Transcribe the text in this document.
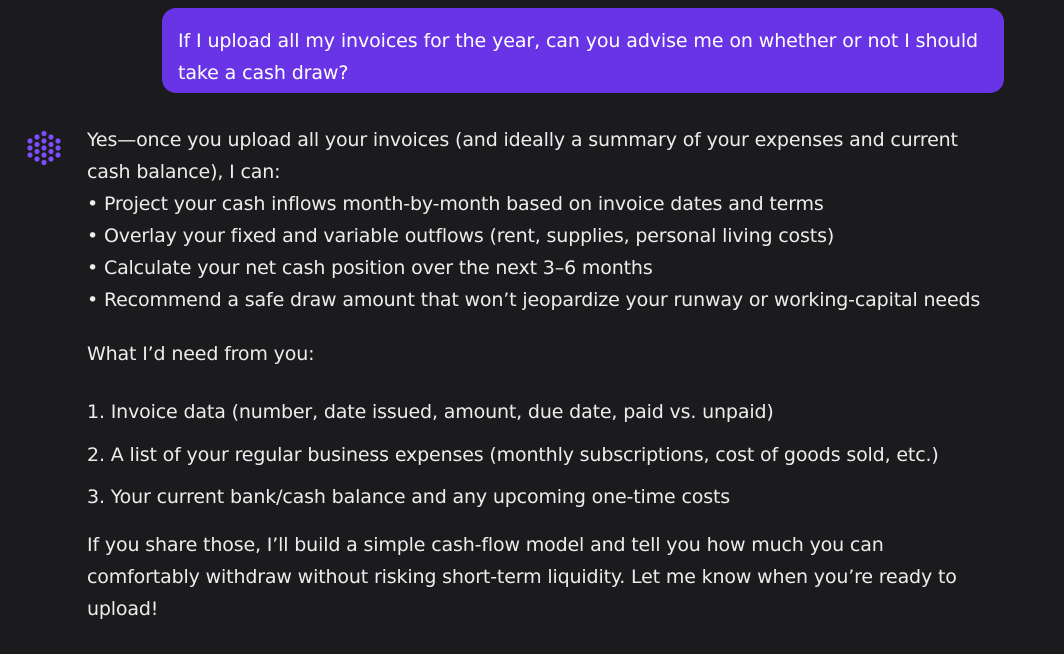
If I upload all my invoices for the year, can you advise me on whether or not I should
take a cash draw?

Yes—once you upload all your invoices (and ideally a summary of your expenses and current

cash balance), I can:

• Project your cash inflows month-by-month based on invoice dates and terms

• Overlay your fixed and variable outflows (rent, supplies, personal living costs)

• Calculate your net cash position over the next 3–6 months

• Recommend a safe draw amount that won’t jeopardize your runway or working-capital needs

What I’d need from you:

1. Invoice data (number, date issued, amount, due date, paid vs. unpaid)
2. A list of your regular business expenses (monthly subscriptions, cost of goods sold, etc.)
3. Your current bank/cash balance and any upcoming one-time costs

If you share those, I’ll build a simple cash-flow model and tell you how much you can

comfortably withdraw without risking short-term liquidity. Let me know when you’re ready to

upload!
